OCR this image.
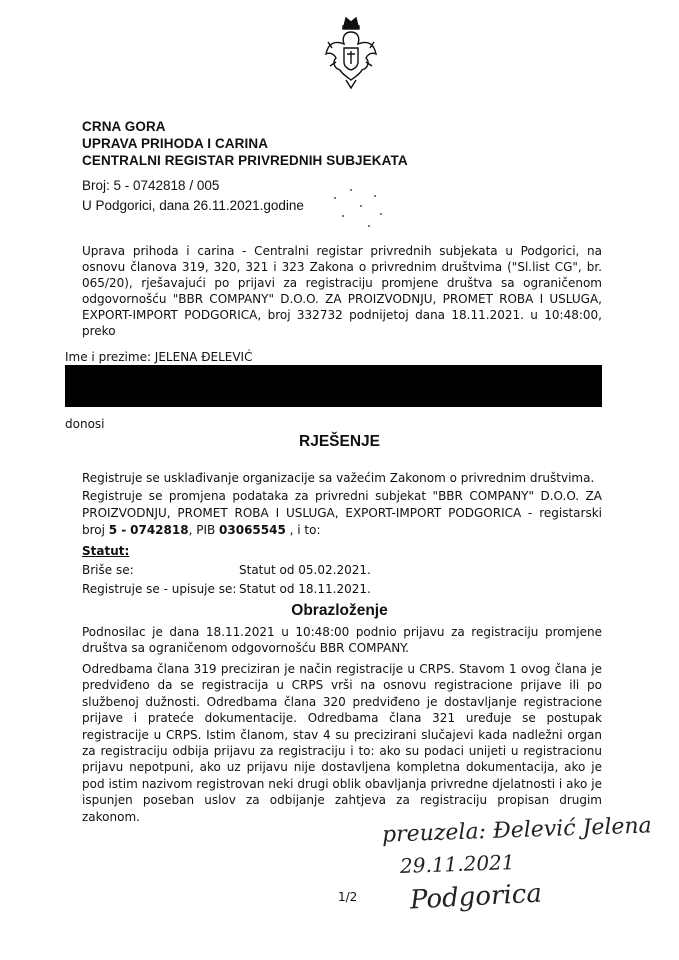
CRNA GORA
UPRAVA PRIHODA I CARINA
CENTRALNI REGISTAR PRIVREDNIH SUBJEKATA
Broj: 5 - 0742818 / 005
U Podgorici, dana 26.11.2021.godine
Uprava prihoda i carina - Centralni registar privrednih subjekata u Podgorici, na osnovu članova 319, 320, 321 i 323 Zakona o privrednim društvima ("Sl.list CG", br. 065/20), rješavajući po prijavi za registraciju promjene društva sa ograničenom odgovornošću "BBR COMPANY" D.O.O. ZA PROIZVODNJU, PROMET ROBA I USLUGA, EXPORT-IMPORT PODGORICA, broj 332732 podnijetoj dana 18.11.2021. u 10:48:00, preko
Ime i prezime: JELENA ĐELEVIĆ
donosi
RJEŠENJE
Registruje se usklađivanje organizacije sa važećim Zakonom o privrednim društvima.
Registruje se promjena podataka za privredni subjekat "BBR COMPANY" D.O.O. ZA PROIZVODNJU, PROMET ROBA I USLUGA, EXPORT-IMPORT PODGORICA - registarski broj 5 - 0742818, PIB 03065545 , i to:
Statut:
Briše se:	Statut od 05.02.2021.
Registruje se - upisuje se: Statut od 18.11.2021.
Obrazloženje
Podnosilac je dana 18.11.2021 u 10:48:00 podnio prijavu za registraciju promjene društva sa ograničenom odgovornošću BBR COMPANY.
Odredbama člana 319 preciziran je način registracije u CRPS. Stavom 1 ovog člana je predviđeno da se registracija u CRPS vrši na osnovu registracione prijave ili po službenoj dužnosti. Odredbama člana 320 predviđeno je dostavljanje registracione prijave i prateće dokumentacije. Odredbama člana 321 uređuje se postupak registracije u CRPS. Istim članom, stav 4 su precizirani slučajevi kada nadležni organ za registraciju odbija prijavu za registraciju i to: ako su podaci unijeti u registracionu prijavu nepotpuni, ako uz prijavu nije dostavljena kompletna dokumentacija, ako je pod istim nazivom registrovan neki drugi oblik obavljanja privredne djelatnosti i ako je ispunjen poseban uslov za odbijanje zahtjeva za registraciju propisan drugim zakonom.	preuzela: Đelević Jelena
29.11.2021
Podgorica
1/2
